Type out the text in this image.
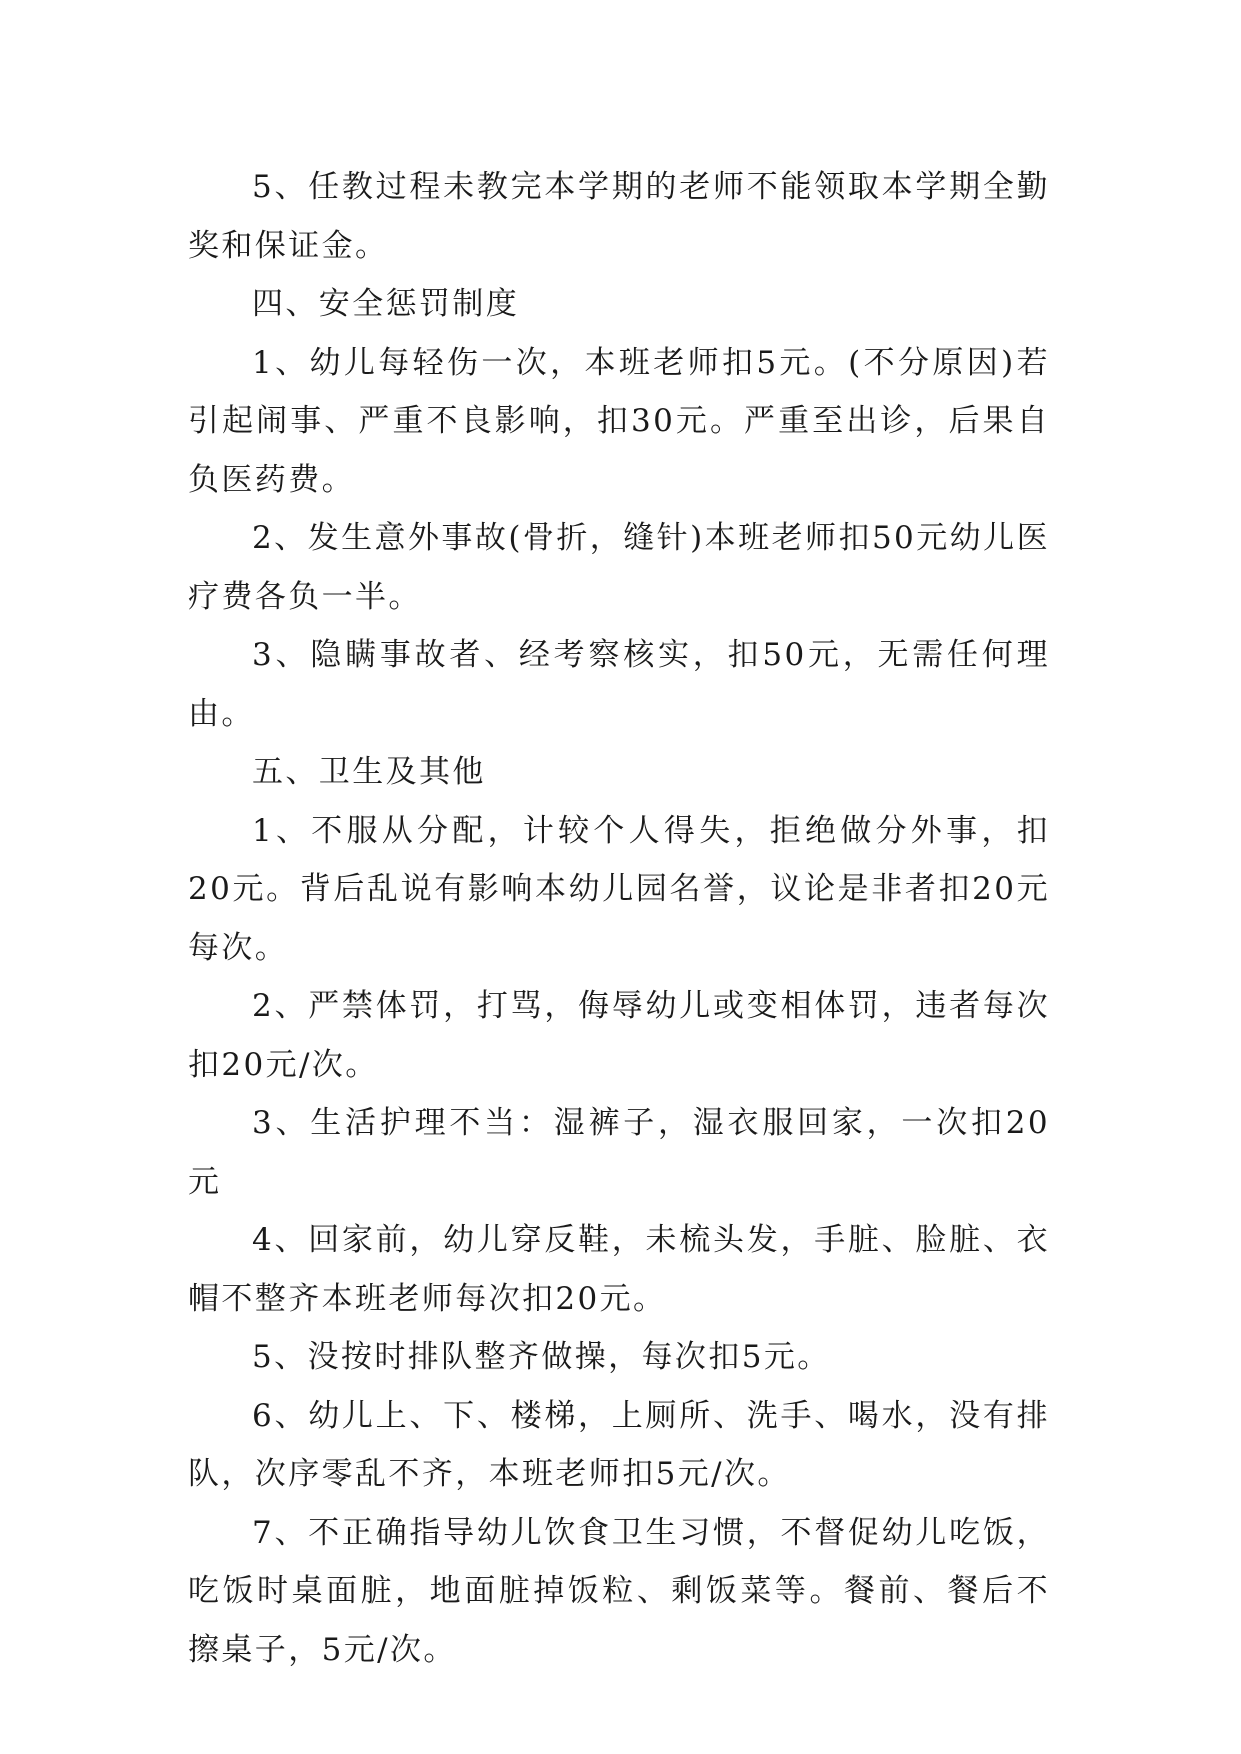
5、任教过程未教完本学期的老师不能领取本学期全勤奖和保证金。

四、安全惩罚制度

1、幼儿每轻伤一次，本班老师扣5元。(不分原因)若引起闹事、严重不良影响，扣30元。严重至出诊，后果自负医药费。

2、发生意外事故(骨折，缝针)本班老师扣50元幼儿医疗费各负一半。

3、隐瞒事故者、经考察核实，扣50元，无需任何理由。

五、卫生及其他

1、不服从分配，计较个人得失，拒绝做分外事，扣20元。背后乱说有影响本幼儿园名誉，议论是非者扣20元每次。

2、严禁体罚，打骂，侮辱幼儿或变相体罚，违者每次扣20元/次。

3、生活护理不当：湿裤子，湿衣服回家，一次扣20元

4、回家前，幼儿穿反鞋，未梳头发，手脏、脸脏、衣帽不整齐本班老师每次扣20元。

5、没按时排队整齐做操，每次扣5元。

6、幼儿上、下、楼梯，上厕所、洗手、喝水，没有排队，次序零乱不齐，本班老师扣5元/次。

7、不正确指导幼儿饮食卫生习惯，不督促幼儿吃饭，吃饭时桌面脏，地面脏掉饭粒、剩饭菜等。餐前、餐后不擦桌子，5元/次。
